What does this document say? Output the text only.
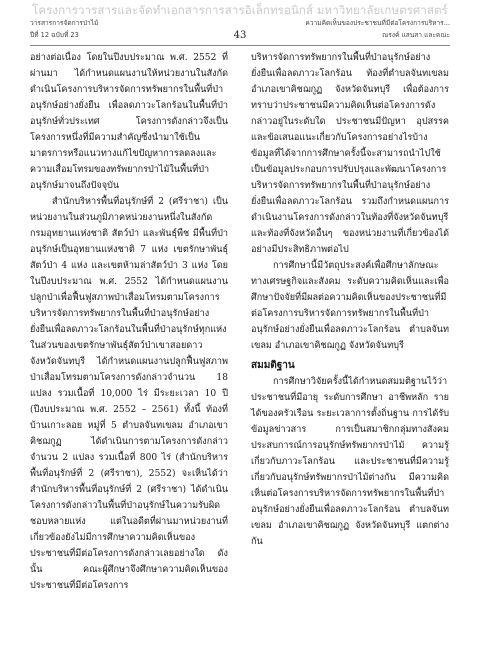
โครงการวารสารและจัดทำเอกสารการสารอิเล็กทรอนิกส์ มหาวิทยาลัยเกษตรศาสตร์
วารสารการจัดการป่าไม้
ปีที่ 12 ฉบับที่ 23	43
ความคิดเห็นของประชาชนที่มีต่อโครงการบริหาร...
ณรงค์ แสนสา และคณะ

อย่างต่อเนื่อง โดยในปีงบประมาณ พ.ศ. 2552 ที่ผ่านมา ได้กำหนดแผนงานให้หน่วยงานในสังกัดดำเนินโครงการบริหารจัดการทรัพยากรในพื้นที่ป่าอนุรักษ์อย่างยั่งยืน เพื่อลดภาวะโลกร้อนในพื้นที่ป่าอนุรักษ์ทั่วประเทศ โครงการดังกล่าวจึงเป็นโครงการหนึ่งที่มีความสำคัญซึ่งนำมาใช้เป็นมาตรการหรือแนวทางแก้ไขปัญหาการลดลงและความเสื่อมโทรมของทรัพยากรป่าไม้ในพื้นที่ป่าอนุรักษ์มาจนถึงปัจจุบัน

สำนักบริหารพื้นที่อนุรักษ์ที่ 2 (ศรีราชา) เป็นหน่วยงานในส่วนภูมิภาคหน่วยงานหนึ่งในสังกัดกรมอุทยานแห่งชาติ สัตว์ป่า และพันธุ์พืช มีพื้นที่ป่าอนุรักษ์เป็นอุทยานแห่งชาติ 7 แห่ง เขตรักษาพันธุ์สัตว์ป่า 4 แห่ง และเขตห้ามล่าสัตว์ป่า 3 แห่ง โดยในปีงบประมาณ พ.ศ. 2552 ได้กำหนดแผนงานปลูกป่าเพื่อฟื้นฟูสภาพป่าเสื่อมโทรมตามโครงการบริหารจัดการทรัพยากรในพื้นที่ป่าอนุรักษ์อย่างยั่งยืนเพื่อลดภาวะโลกร้อนในพื้นที่ป่าอนุรักษ์ทุกแห่ง ในส่วนของเขตรักษาพันธุ์สัตว์ป่าเขาสอยดาว จังหวัดจันทบุรี ได้กำหนดแผนงานปลูกฟื้นฟูสภาพป่าเสื่อมโทรมตามโครงการดังกล่าวจำนวน 18 แปลง รวมเนื้อที่ 10,000 ไร่ มีระยะเวลา 10 ปี (ปีงบประมาณ พ.ศ. 2552 – 2561) ทั้งนี้ ท้องที่บ้านเกาะลอย หมู่ที่ 5 ตำบลจันทเขลม อำเภอเขาคิชฌกูฏ ได้ดำเนินการตามโครงการดังกล่าวจำนวน 2 แปลง รวมเนื้อที่ 800 ไร่ (สำนักบริหารพื้นที่อนุรักษ์ที่ 2 (ศรีราชา), 2552) จะเห็นได้ว่า สำนักบริหารพื้นที่อนุรักษ์ที่ 2 (ศรีราชา) ได้ดำเนินโครงการดังกล่าวในพื้นที่ป่าอนุรักษ์ในความรับผิดชอบหลายแห่ง แต่ในอดีตที่ผ่านมาหน่วยงานที่เกี่ยวข้องยังไม่มีการศึกษาความคิดเห็นของประชาชนที่มีต่อโครงการดังกล่าวเลยอย่างใด ดังนั้น คณะผู้ศึกษาจึงศึกษาความคิดเห็นของประชาชนที่มีต่อโครงการ

บริหารจัดการทรัพยากรในพื้นที่ป่าอนุรักษ์อย่างยั่งยืนเพื่อลดภาวะโลกร้อน ท้องที่ตำบลจันทเขลม อำเภอเขาคิชฌกูฏ จังหวัดจันทบุรี เพื่อต้องการทราบว่าประชาชนมีความคิดเห็นต่อโครงการดังกล่าวอยู่ในระดับใด ประชาชนมีปัญหา อุปสรรค และข้อเสนอแนะเกี่ยวกับโครงการอย่างไรบ้าง ข้อมูลที่ได้จากการศึกษาครั้งนี้จะสามารถนำไปใช้เป็นข้อมูลประกอบการปรับปรุงและพัฒนาโครงการบริหารจัดการทรัพยากรในพื้นที่ป่าอนุรักษ์อย่างยั่งยืนเพื่อลดภาวะโลกร้อน รวมถึงกำหนดแผนการดำเนินงานโครงการดังกล่าวในท้องที่จังหวัดจันทบุรี และท้องที่จังหวัดอื่นๆ ของหน่วยงานที่เกี่ยวข้องได้อย่างมีประสิทธิภาพต่อไป

การศึกษานี้มีวัตถุประสงค์เพื่อศึกษาลักษณะทางเศรษฐกิจและสังคม ระดับความคิดเห็นและเพื่อศึกษาปัจจัยที่มีผลต่อความคิดเห็นของประชาชนที่มีต่อโครงการบริหารจัดการทรัพยากรในพื้นที่ป่าอนุรักษ์อย่างยั่งยืนเพื่อลดภาวะโลกร้อน ตำบลจันทเขลม อำเภอเขาคิชฌกูฏ จังหวัดจันทบุรี

สมมติฐาน

การศึกษาวิจัยครั้งนี้ได้กำหนดสมมติฐานไว้ว่า ประชาชนที่มีอายุ ระดับการศึกษา อาชีพหลัก รายได้ของครัวเรือน ระยะเวลาการตั้งถิ่นฐาน การได้รับข้อมูลข่าวสาร การเป็นสมาชิกกลุ่มทางสังคม ประสบการณ์การอนุรักษ์ทรัพยากรป่าไม้ ความรู้เกี่ยวกับภาวะโลกร้อน และประชาชนที่มีความรู้เกี่ยวกับอนุรักษ์ทรัพยากรป่าไม้ต่างกัน มีความคิดเห็นต่อโครงการบริหารจัดการทรัพยากรในพื้นที่ป่าอนุรักษ์อย่างยั่งยืนเพื่อลดภาวะโลกร้อน ตำบลจันทเขลม อำเภอเขาคิชฌกูฏ จังหวัดจันทบุรี แตกต่างกัน
